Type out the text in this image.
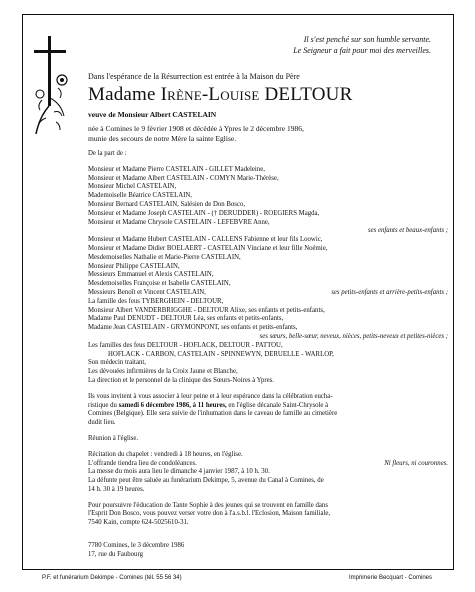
Il s'est penché sur son humble servante.
Le Seigneur a fait pour moi des merveilles.
Dans l'espérance de la Résurrection est entrée à la Maison du Père
Madame Irène-Louise DELTOUR
veuve de Monsieur Albert CASTELAIN
née à Comines le 9 février 1908 et décédée à Ypres le 2 décembre 1986,
munie des secours de notre Mère la sainte Eglise.

De la part de :

Monsieur et Madame Pierre CASTELAIN - GILLET Madeleine,

Monsieur et Madame Albert CASTELAIN - COMYN Marie-Thérèse,

Monsieur Michel CASTELAIN,

Mademoiselle Béatrice CASTELAIN,

Monsieur Bernard CASTELAIN, Salésien de Don Bosco,

Monsieur et Madame Joseph CASTELAIN - († DERUDDER) - ROEGIERS Magda,

Monsieur et Madame Chrysole CASTELAIN - LEFEBVRE Anne,

ses enfants et beaux-enfants ;

Monsieur et Madame Hubert CASTELAIN - CALLENS Fabienne et leur fils Loowic,

Monsieur et Madame Didier BOELAERT - CASTELAIN Vinciane et leur fille Noémie,

Mesdemoiselles Nathalie et Marie-Pierre CASTELAIN,

Monsieur Philippe CASTELAIN,

Messieurs Emmanuel et Alexis CASTELAIN,

Mesdemoiselles Françoise et Isabelle CASTELAIN,

Messieurs Benoît et Vincent CASTELAIN,	ses petits-enfants et arrière-petits-enfants ;

La famille des feus TYBERGHEIN - DELTOUR,

Monsieur Albert VANDERBRIGGHE - DELTOUR Alixe, ses enfants et petits-enfants,

Madame Paul DENUDT - DELTOUR Léa, ses enfants et petits-enfants,

Madame Jean CASTELAIN - GRYMONPONT, ses enfants et petits-enfants,

ses sœurs, belle-sœur, neveux, nièces, petits-neveux et petites-nièces ;

Les familles des feus DELTOUR - HOFLACK, DELTOUR - PATTOU,

HOFLACK - CARBON, CASTELAIN - SPINNEWYN, DERUELLE - WARLOP,

Son médecin traitant,

Les dévouées infirmières de la Croix Jaune et Blanche,

La direction et le personnel de la clinique des Sœurs-Noires à Ypres.

Ils vous invitent à vous associer à leur peine et à leur espérance dans la célébration eucha-

ristique du samedi 6 décembre 1986, à 11 heures, en l'église décanale Saint-Chrysole à

Comines (Belgique). Elle sera suivie de l'inhumation dans le caveau de famille au cimetière

dudit lieu.

Réunion à l'église.

Récitation du chapelet : vendredi à 18 heures, en l'église.

L'offrande tiendra lieu de condoléances.	Ni fleurs, ni couronnes.

La messe du mois aura lieu le dimanche 4 janvier 1987, à 10 h. 30.

La défunte peut être saluée au funérarium Dekimpe, 5, avenue du Canal à Comines, de

14 h. 30 à 19 heures.

Pour poursuivre l'éducation de Tante Sophie à des jeunes qui se trouvent en famille dans

l'Esprit Don Bosco, vous pouvez verser votre don à l'a.s.b.l. l'Eclosion, Maison familiale,

7540 Kain, compte 624-5025610-31.

7780 Comines, le 3 décembre 1986

17, rue du Faubourg

P.F. et funérarium Dekimpe - Comines (tél. 55 56 34)	Imprimerie Becquart - Comines
